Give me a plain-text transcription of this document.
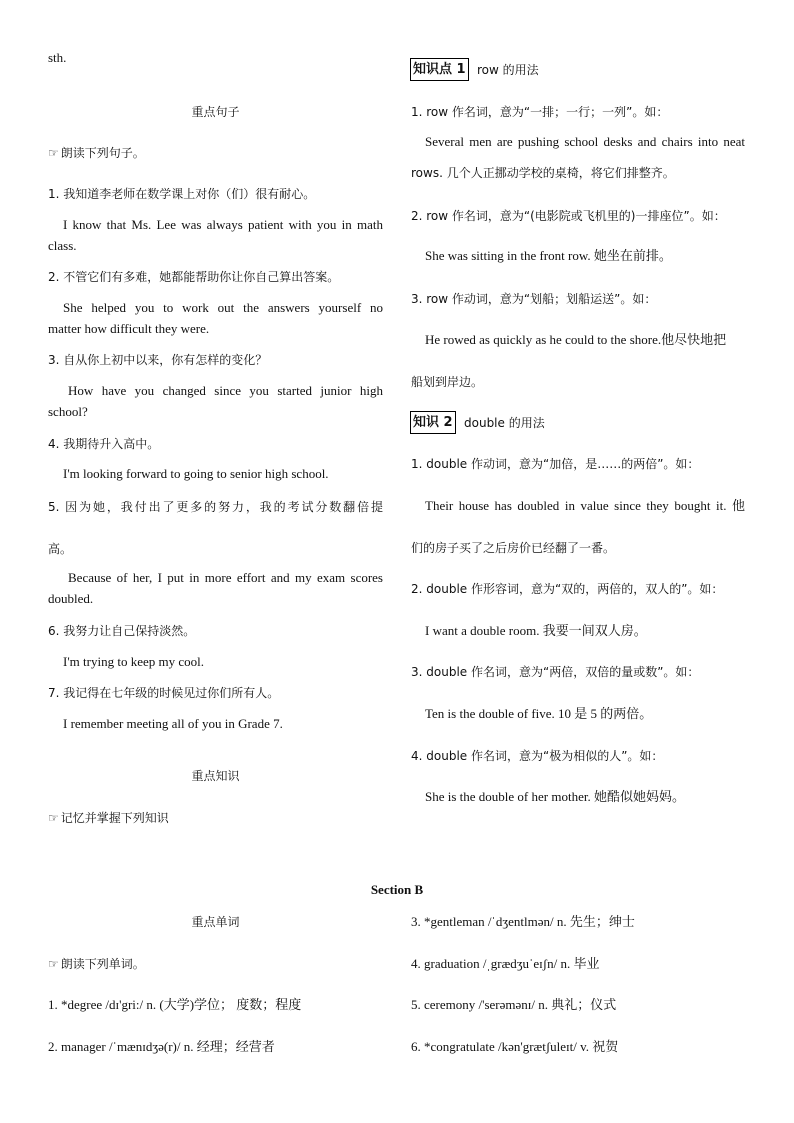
sth.
重点句子
☞ 朗读下列句子。
1. 我知道李老师在数学课上对你（们）很有耐心。
I know that Ms. Lee was always patient with you in math
class.
2. 不管它们有多难，她都能帮助你让你自己算出答案。
She helped you to work out the answers yourself no
matter how difficult they were.
3. 自从你上初中以来，你有怎样的变化？
How have you changed since you started junior high
school?
4. 我期待升入高中。
I'm looking forward to going to senior high school.
5. 因为她，我付出了更多的努力，我的考试分数翻倍提
高。
Because of her, I put in more effort and my exam scores
doubled.
6. 我努力让自己保持淡然。
I'm trying to keep my cool.
7. 我记得在七年级的时候见过你们所有人。
I remember meeting all of you in Grade 7.
重点知识
☞ 记忆并掌握下列知识
知识点 1 row 的用法
1. row 作名词，意为“一排；一行；一列”。如：
Several men are pushing school desks and chairs into neat
rows. 几个人正挪动学校的桌椅，将它们排整齐。
2. row 作名词，意为“(电影院或飞机里的)一排座位”。如：
She was sitting in the front row. 她坐在前排。
3. row 作动词，意为“划船；划船运送”。如：
He rowed as quickly as he could to the shore.他尽快地把
船划到岸边。
知识 2 double 的用法
1. double 作动词，意为“加倍，是……的两倍”。如：
Their house has doubled in value since they bought it. 他
们的房子买了之后房价已经翻了一番。
2. double 作形容词，意为“双的，两倍的，双人的”。如：
I want a double room. 我要一间双人房。
3. double 作名词，意为“两倍，双倍的量或数”。如：
Ten is the double of five. 10 是 5 的两倍。
4. double 作名词，意为“极为相似的人”。如：
She is the double of her mother. 她酷似她妈妈。
Section B
重点单词
☞ 朗读下列单词。
1. *degree /dɪ'gri:/ n. (大学)学位； 度数；程度
2. manager /ˈmænɪdʒə(r)/ n. 经理；经营者
3. *gentleman /ˈdʒentlmən/ n. 先生；绅士
4. graduation /ˌgrædʒuˈeɪʃn/ n. 毕业
5. ceremony /'serəmənɪ/ n. 典礼；仪式
6. *congratulate /kən'grætʃuleɪt/ v. 祝贺
